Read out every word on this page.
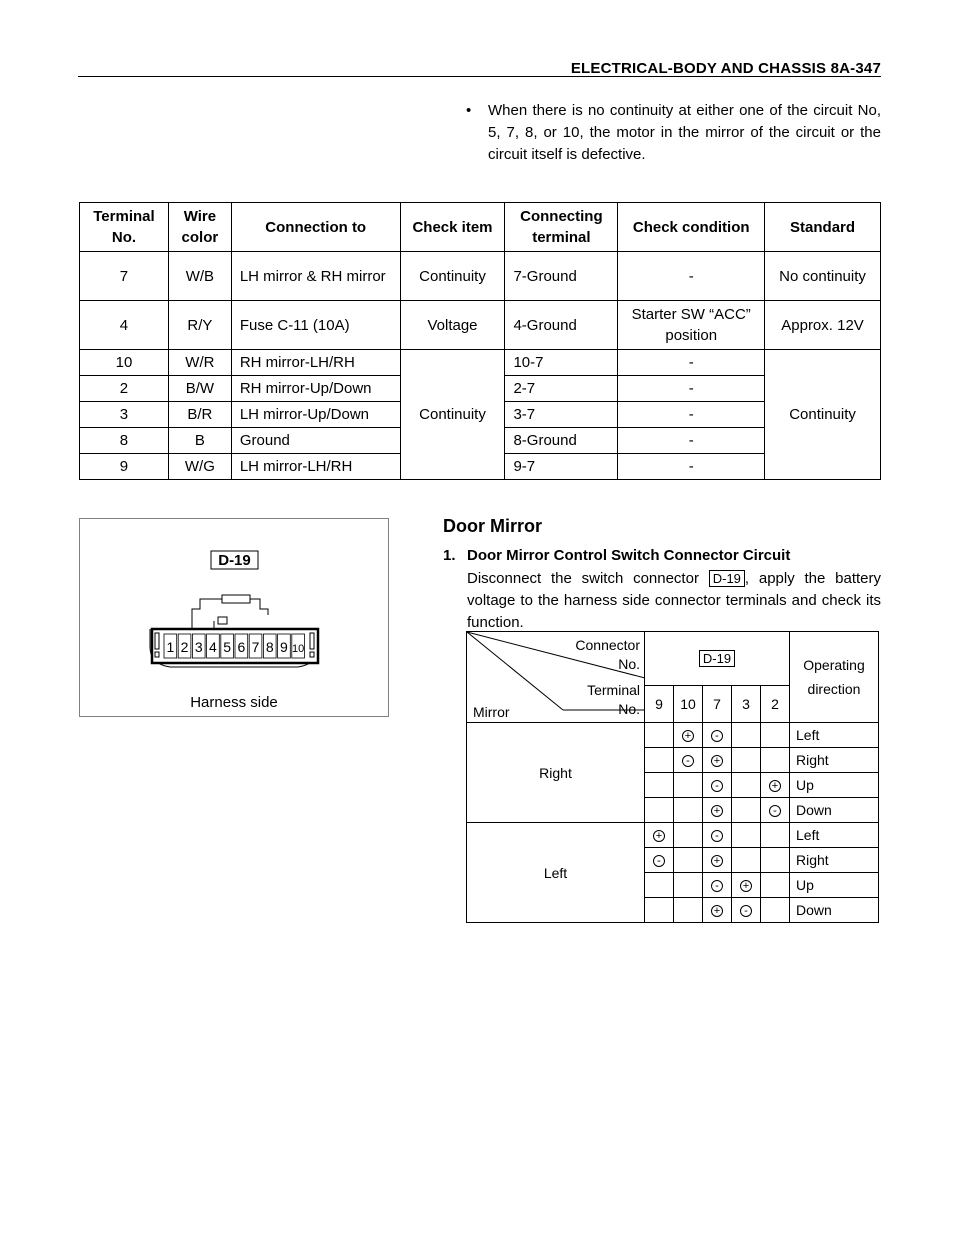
ELECTRICAL-BODY AND CHASSIS 8A-347
• When there is no continuity at either one of the circuit No, 5, 7, 8, or 10, the motor in the mirror of the circuit or the circuit itself is defective.
Terminal No.	Wire color	Connection to	Check item	Connecting terminal	Check condition	Standard
7	W/B	LH mirror & RH mirror	Continuity	7-Ground	-	No continuity
4	R/Y	Fuse C-11 (10A)	Voltage	4-Ground	Starter SW “ACC” position	Approx. 12V
10	W/R	RH mirror-LH/RH	Continuity	10-7	-	Continuity
2	B/W	RH mirror-Up/Down		2-7	-	
3	B/R	LH mirror-Up/Down		3-7	-	
8	B	Ground		8-Ground	-	
9	W/G	LH mirror-LH/RH		9-7	-	
D-19
1 2 3 4 5 6 7 8 9 10
Harness side
Door Mirror
1. Door Mirror Control Switch Connector Circuit
Disconnect the switch connector D-19 , apply the battery voltage to the harness side connector terminals and check its function.
Connector
No.
Terminal
No.
Mirror	D-19					Operating direction
	9	10	7	3	2	
Right		+	-			Left
		-	+			Right
			-		+	Up
			+		-	Down
Left	+		-			Left
	-		+			Right
			-	+		Up
			+	-		Down
